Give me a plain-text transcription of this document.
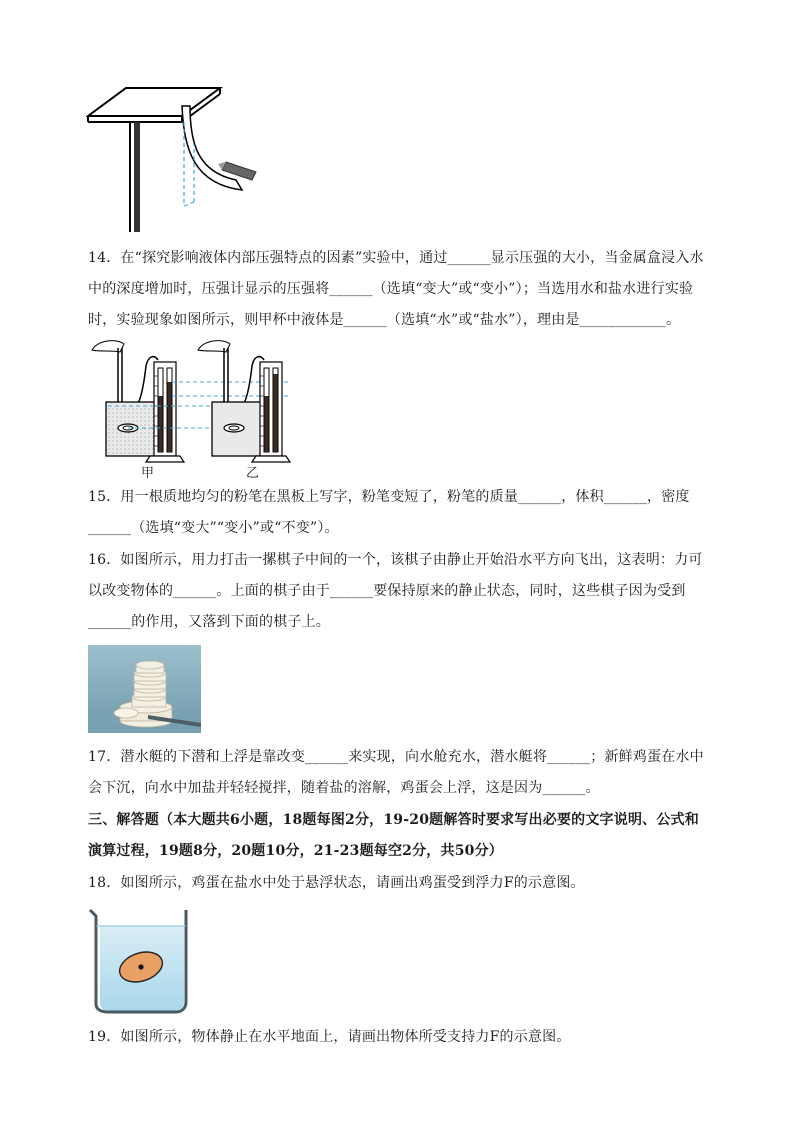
14．在“探究影响液体内部压强特点的因素”实验中，通过______显示压强的大小，当金属盒浸入水中的深度增加时，压强计显示的压强将______（选填“变大”或“变小”）；当选用水和盐水进行实验时，实验现象如图所示，则甲杯中液体是______（选填“水”或“盐水”），理由是____________。
甲	乙
15．用一根质地均匀的粉笔在黑板上写字，粉笔变短了，粉笔的质量______，体积______，密度______（选填“变大”“变小”或“不变”）。
16．如图所示，用力打击一摞棋子中间的一个，该棋子由静止开始沿水平方向飞出，这表明：力可以改变物体的______。上面的棋子由于______要保持原来的静止状态，同时，这些棋子因为受到______的作用，又落到下面的棋子上。
17．潜水艇的下潜和上浮是靠改变______来实现，向水舱充水，潜水艇将______；新鲜鸡蛋在水中会下沉，向水中加盐并轻轻搅拌，随着盐的溶解，鸡蛋会上浮，这是因为______。
三、解答题（本大题共6小题，18题每图2分，19-20题解答时要求写出必要的文字说明、公式和演算过程，19题8分，20题10分，21-23题每空2分，共50分）
18．如图所示，鸡蛋在盐水中处于悬浮状态，请画出鸡蛋受到浮力F的示意图。
19．如图所示，物体静止在水平地面上，请画出物体所受支持力F的示意图。
